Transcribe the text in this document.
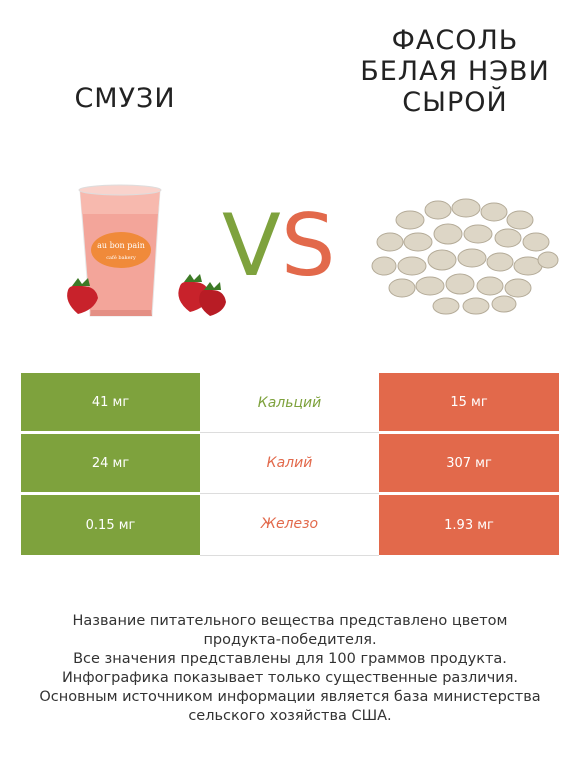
СМУЗИ
ФАСОЛЬ
БЕЛАЯ НЭВИ
СЫРОЙ
au bon pain
café bakery VS
41 мг	Кальций	15 мг
24 мг	Калий	307 мг
0.15 мг	Железо	1.93 мг
Название питательного вещества представлено цветом
продукта-победителя.
Все значения представлены для 100 граммов продукта.
Инфографика показывает только существенные различия.
Основным источником информации является база министерства
сельского хозяйства США.
